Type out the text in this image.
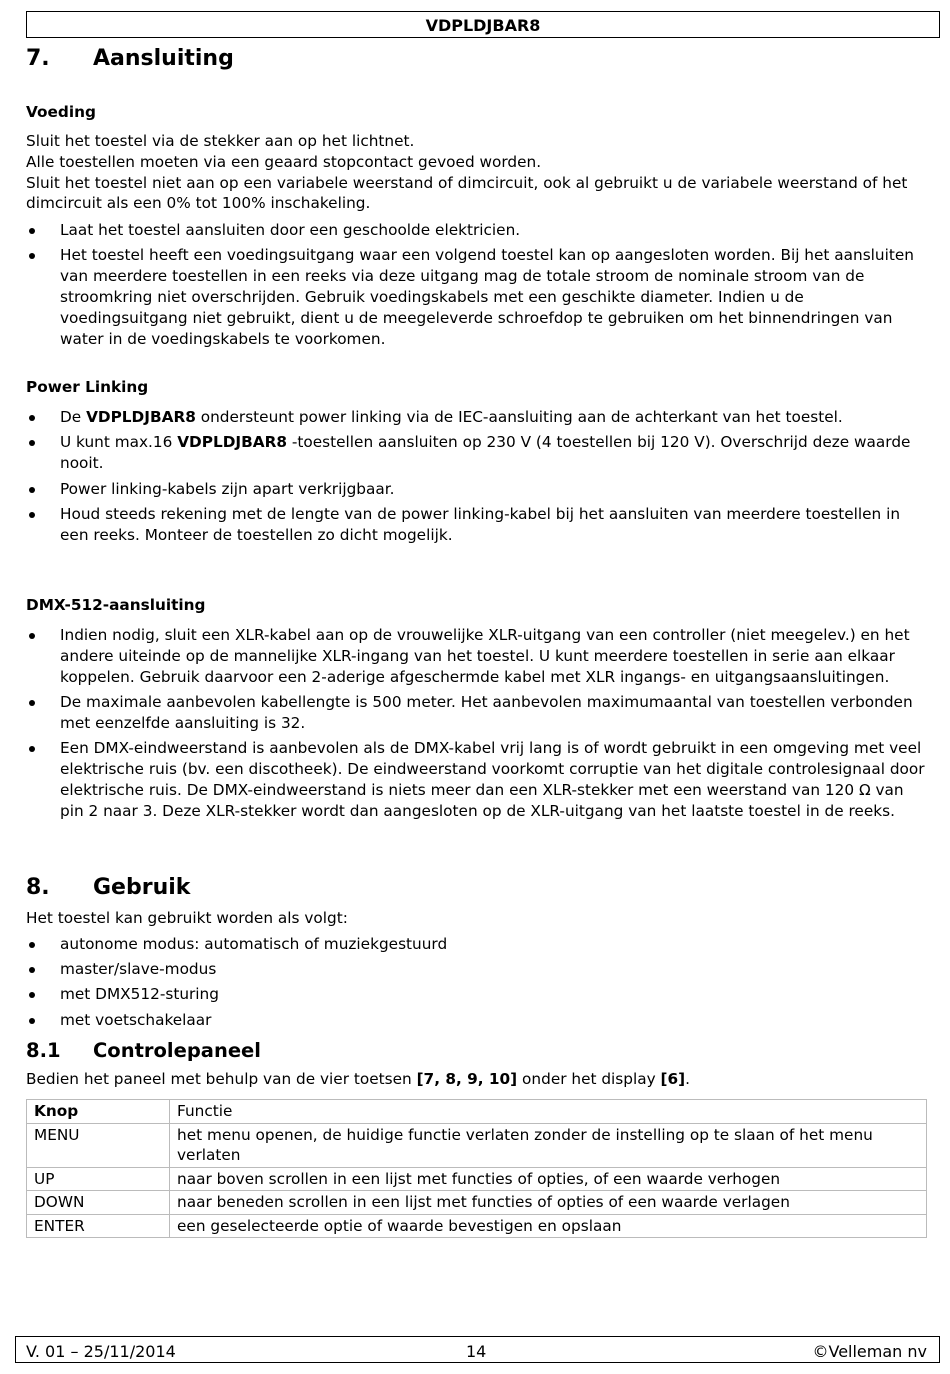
VDPLDJBAR8
7. Aansluiting
Voeding
Sluit het toestel via de stekker aan op het lichtnet.
Alle toestellen moeten via een geaard stopcontact gevoed worden.
Sluit het toestel niet aan op een variabele weerstand of dimcircuit, ook al gebruikt u de variabele weerstand of het dimcircuit als een 0% tot 100% inschakeling.
Laat het toestel aansluiten door een geschoolde elektricien.
Het toestel heeft een voedingsuitgang waar een volgend toestel kan op aangesloten worden. Bij het aansluiten van meerdere toestellen in een reeks via deze uitgang mag de totale stroom de nominale stroom van de stroomkring niet overschrijden. Gebruik voedingskabels met een geschikte diameter. Indien u de voedingsuitgang niet gebruikt, dient u de meegeleverde schroefdop te gebruiken om het binnendringen van water in de voedingskabels te voorkomen.
Power Linking
De VDPLDJBAR8 ondersteunt power linking via de IEC-aansluiting aan de achterkant van het toestel.
U kunt max.16 VDPLDJBAR8 -toestellen aansluiten op 230 V (4 toestellen bij 120 V). Overschrijd deze waarde nooit.
Power linking-kabels zijn apart verkrijgbaar.
Houd steeds rekening met de lengte van de power linking-kabel bij het aansluiten van meerdere toestellen in een reeks. Monteer de toestellen zo dicht mogelijk.
DMX-512-aansluiting
Indien nodig, sluit een XLR-kabel aan op de vrouwelijke XLR-uitgang van een controller (niet meegelev.) en het andere uiteinde op de mannelijke XLR-ingang van het toestel. U kunt meerdere toestellen in serie aan elkaar koppelen. Gebruik daarvoor een 2-aderige afgeschermde kabel met XLR ingangs- en uitgangsaansluitingen.
De maximale aanbevolen kabellengte is 500 meter. Het aanbevolen maximumaantal van toestellen verbonden met eenzelfde aansluiting is 32.
Een DMX-eindweerstand is aanbevolen als de DMX-kabel vrij lang is of wordt gebruikt in een omgeving met veel elektrische ruis (bv. een discotheek). De eindweerstand voorkomt corruptie van het digitale controlesignaal door elektrische ruis. De DMX-eindweerstand is niets meer dan een XLR-stekker met een weerstand van 120 Ω van pin 2 naar 3. Deze XLR-stekker wordt dan aangesloten op de XLR-uitgang van het laatste toestel in de reeks.
8. Gebruik
Het toestel kan gebruikt worden als volgt:
autonome modus: automatisch of muziekgestuurd
master/slave-modus
met DMX512-sturing
met voetschakelaar
8.1 Controlepaneel
Bedien het paneel met behulp van de vier toetsen [7, 8, 9, 10] onder het display [6].
Knop	Functie
MENU	het menu openen, de huidige functie verlaten zonder de instelling op te slaan of het menu verlaten
UP	naar boven scrollen in een lijst met functies of opties, of een waarde verhogen
DOWN	naar beneden scrollen in een lijst met functies of opties of een waarde verlagen
ENTER	een geselecteerde optie of waarde bevestigen en opslaan
V. 01 – 25/11/2014	14	©Velleman nv
